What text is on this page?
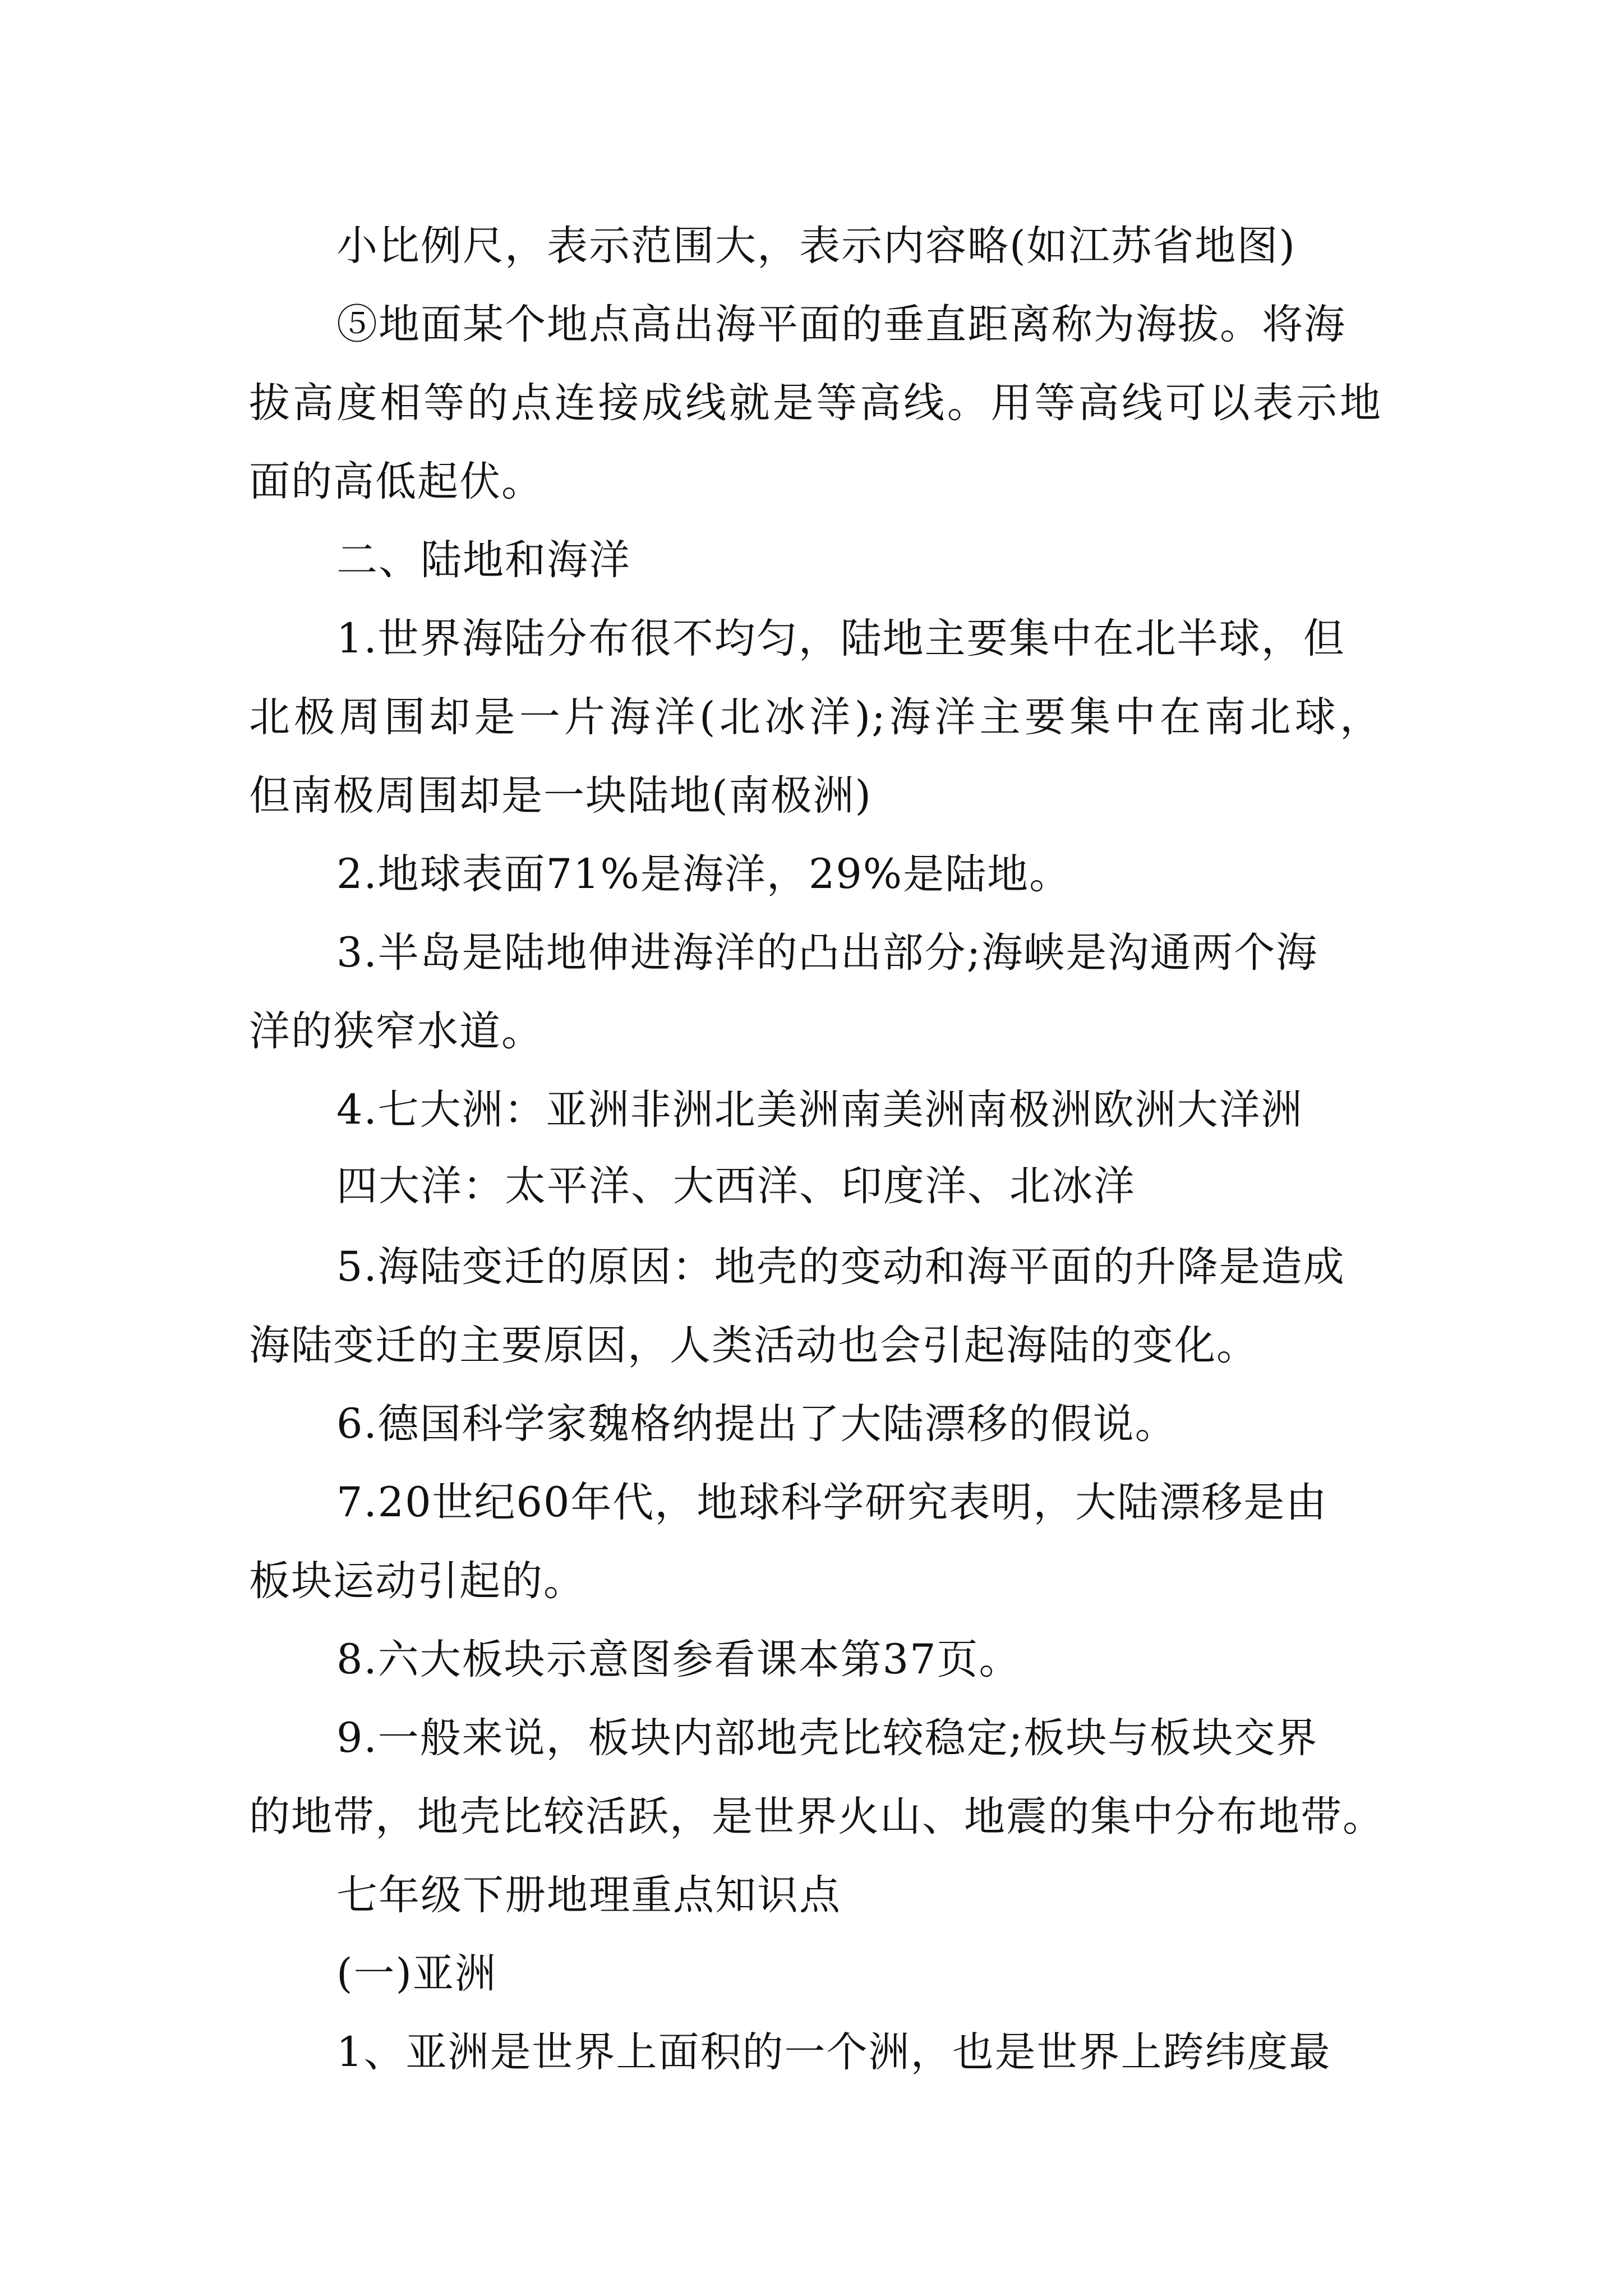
小比例尺，表示范围大，表示内容略(如江苏省地图)
⑤地面某个地点高出海平面的垂直距离称为海拔。将海
拔高度相等的点连接成线就是等高线。用等高线可以表示地
面的高低起伏。
二、陆地和海洋
1.世界海陆分布很不均匀，陆地主要集中在北半球，但
北极周围却是一片海洋(北冰洋);海洋主要集中在南北球，
但南极周围却是一块陆地(南极洲)
2.地球表面71%是海洋，29%是陆地。
3.半岛是陆地伸进海洋的凸出部分;海峡是沟通两个海
洋的狭窄水道。
4.七大洲：亚洲非洲北美洲南美洲南极洲欧洲大洋洲
四大洋：太平洋、大西洋、印度洋、北冰洋
5.海陆变迁的原因：地壳的变动和海平面的升降是造成
海陆变迁的主要原因，人类活动也会引起海陆的变化。
6.德国科学家魏格纳提出了大陆漂移的假说。
7.20世纪60年代，地球科学研究表明，大陆漂移是由
板块运动引起的。
8.六大板块示意图参看课本第37页。
9.一般来说，板块内部地壳比较稳定;板块与板块交界
的地带，地壳比较活跃，是世界火山、地震的集中分布地带。
七年级下册地理重点知识点
(一)亚洲
1、亚洲是世界上面积的一个洲，也是世界上跨纬度最
